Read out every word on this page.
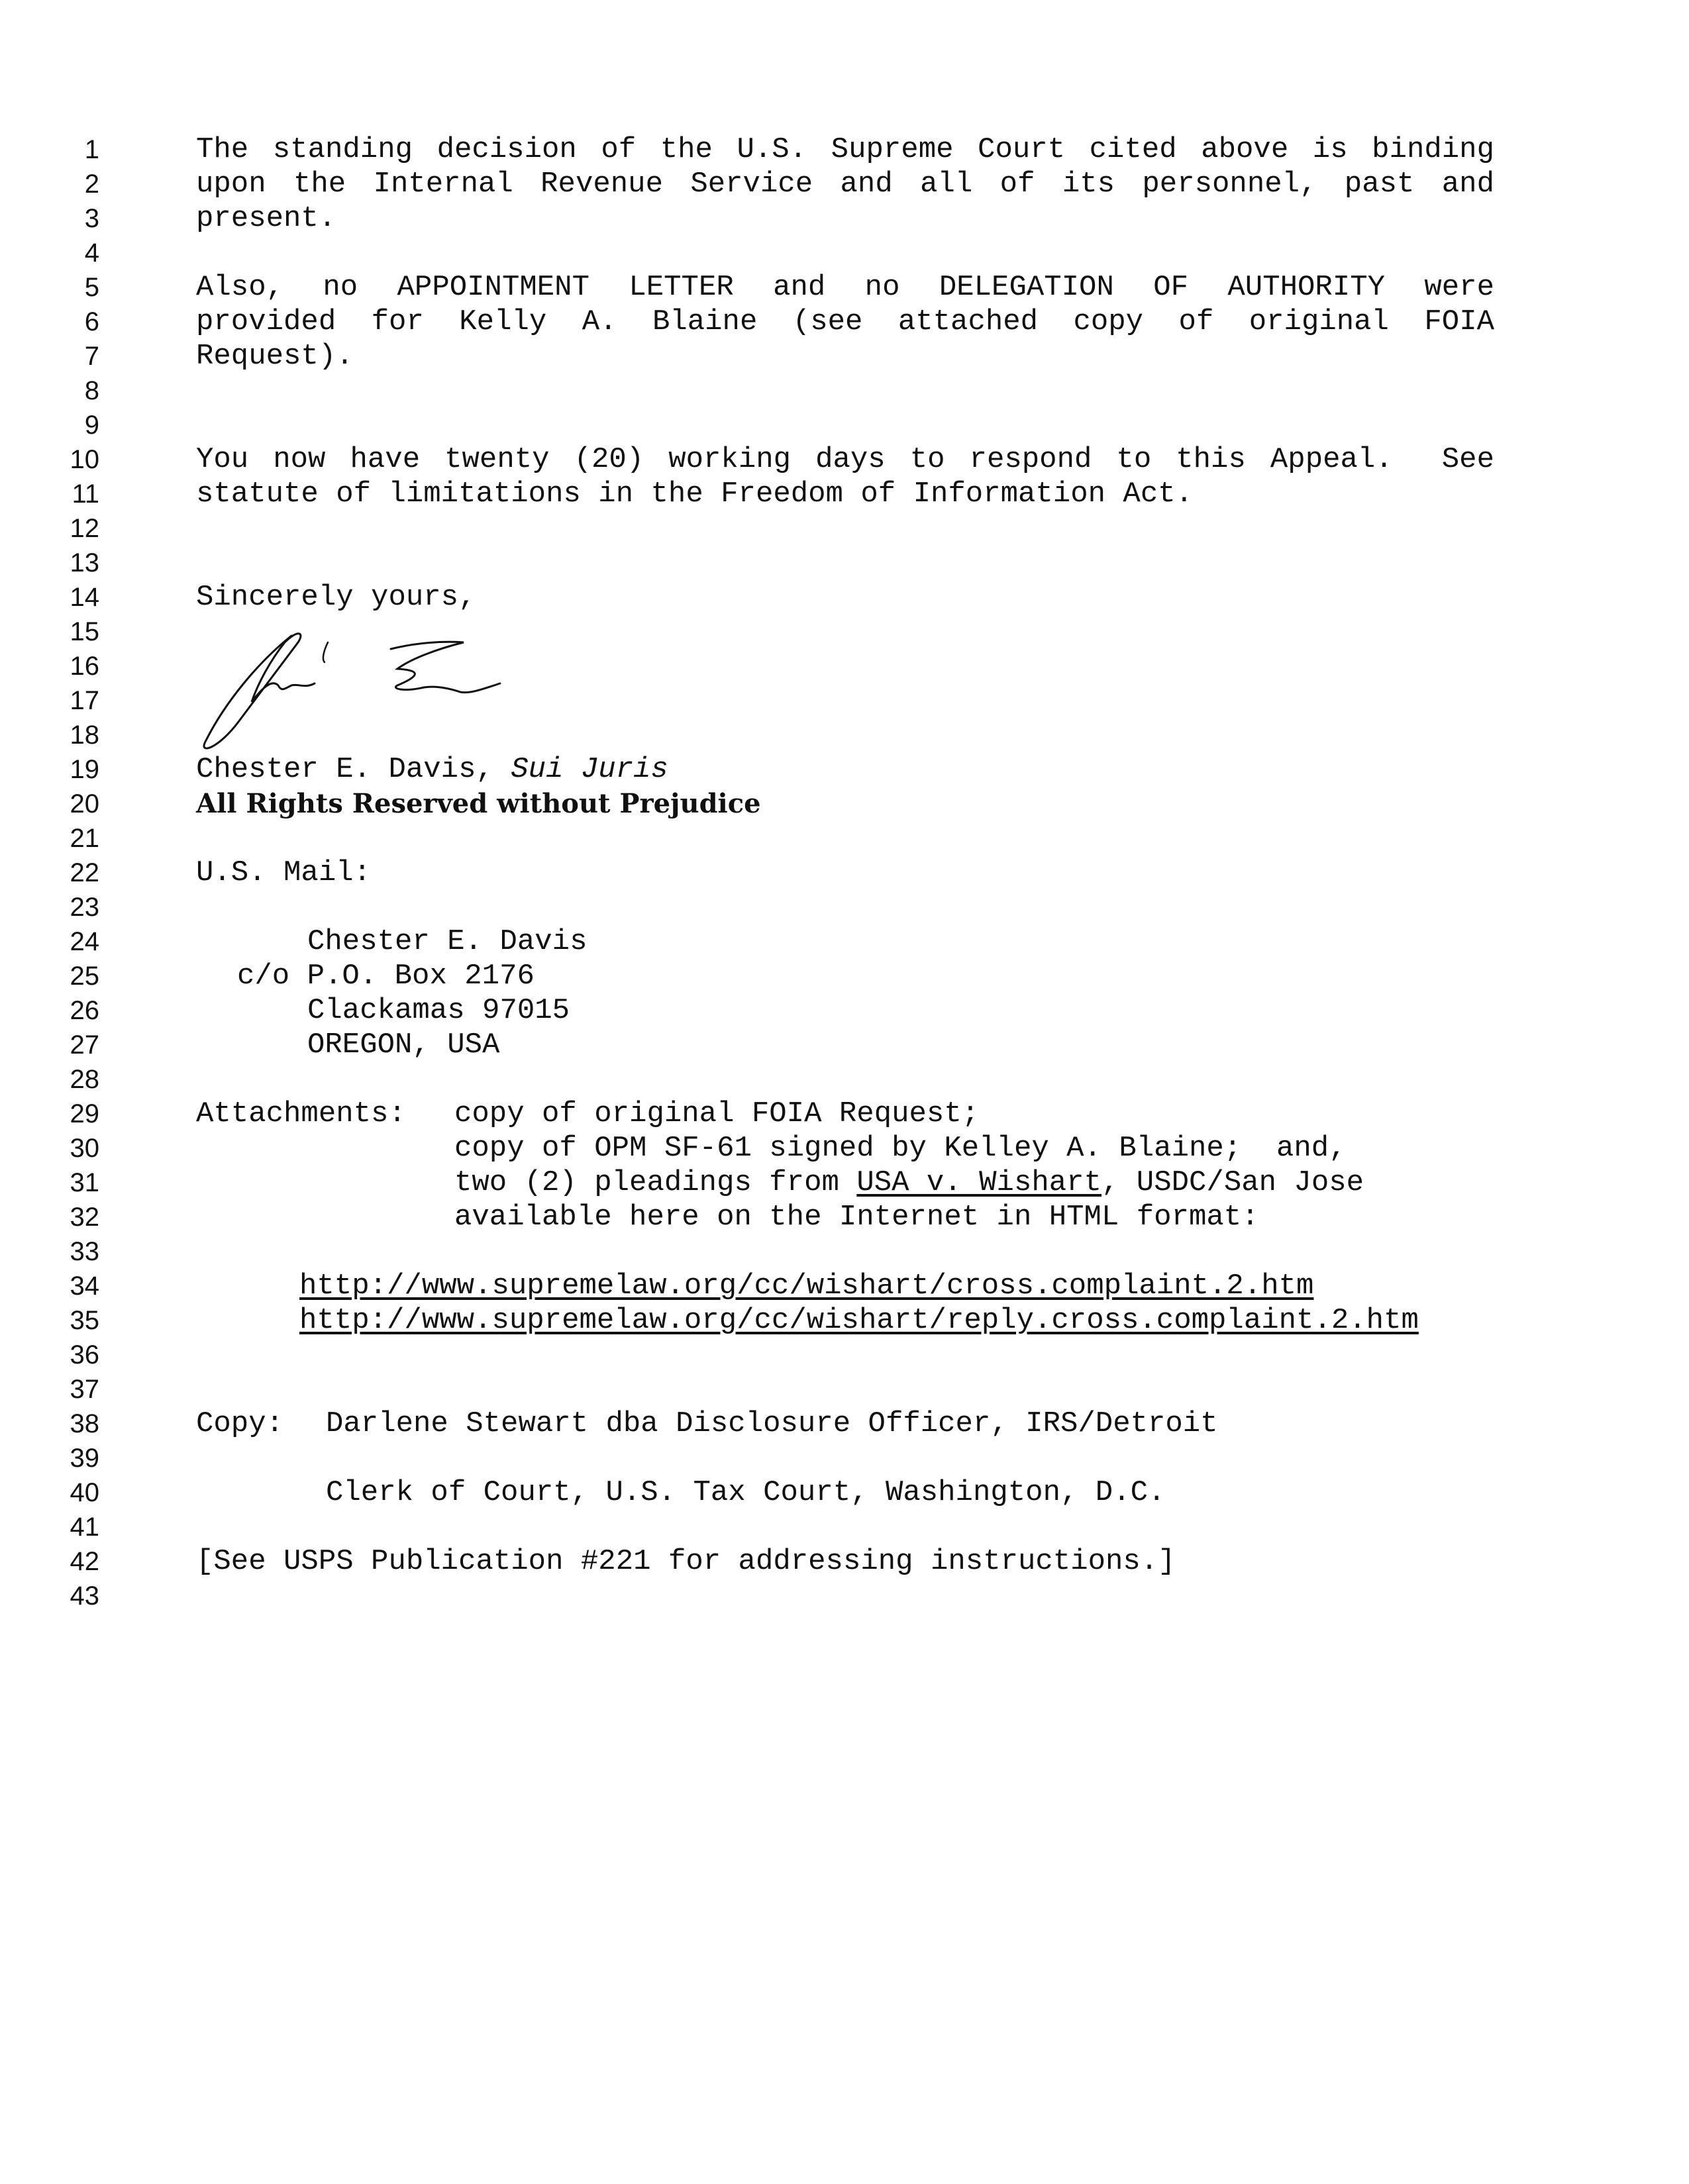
1
2
3
4
5
6
7
8
9
10
11
12
13
14
15
16
17
18
19
20
21
22
23
24
25
26
27
28
29
30
31
32
33
34
35
36
37
38
39
40
41
42
43
The standing decision of the U.S. Supreme Court cited above is binding
upon the Internal Revenue Service and all of its personnel, past and
present.
Also, no APPOINTMENT LETTER and no DELEGATION OF AUTHORITY were
provided for Kelly A. Blaine (see attached copy of original FOIA
Request).
You now have twenty (20) working days to respond to this Appeal.  See
statute of limitations in the Freedom of Information Act.
Sincerely yours,
Chester E. Davis, Sui Juris
All Rights Reserved without Prejudice
U.S. Mail:
Chester E. Davis
c/o P.O. Box 2176
Clackamas 97015
OREGON, USA
Attachments: copy of original FOIA Request;
copy of OPM SF-61 signed by Kelley A. Blaine;  and,
two (2) pleadings from USA v. Wishart, USDC/San Jose
available here on the Internet in HTML format:
http://www.supremelaw.org/cc/wishart/cross.complaint.2.htm
http://www.supremelaw.org/cc/wishart/reply.cross.complaint.2.htm
Copy: Darlene Stewart dba Disclosure Officer, IRS/Detroit
Clerk of Court, U.S. Tax Court, Washington, D.C.
[See USPS Publication #221 for addressing instructions.]
